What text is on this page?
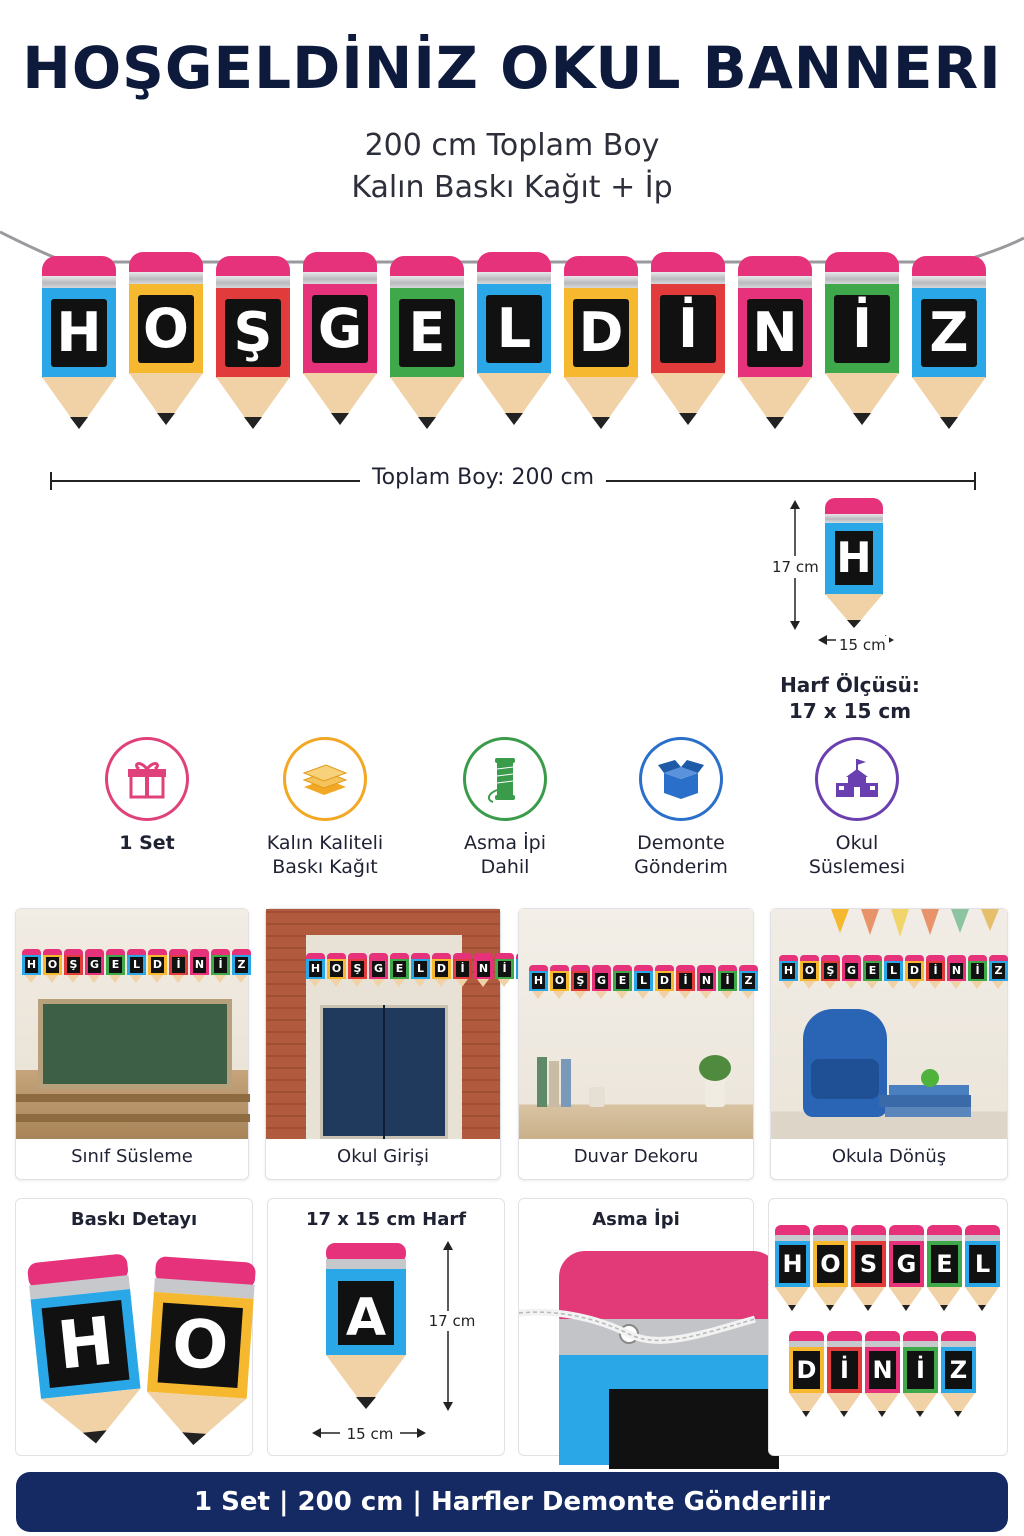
HOŞGELDİNİZ OKUL BANNERI
200 cm Toplam Boy
Kalın Baskı Kağıt + İp
H O Ş G E L D	İ	N	İ	Z
Toplam Boy: 200 cm
17 cm H
15 cm
Harf Ölçüsü:
17 x 15 cm
1 Set	Kalın Kaliteli
Baskı Kağıt
Asma İpi
Dahil
Demonte
Gönderim
Okul
Süslemesi
H O Ş G E L D	İ	N	İ	Z
Sınıf Süsleme
H O Ş G E L D	İ	N	İ
Okul Girişi
H O Ş G E L D	İ	N	İ	Z
Duvar Dekoru
H O Ş G E L D	İ	N	İ	Z
Okula Dönüş
Baskı Detayı
H O
17 x 15 cm Harf
A	17 cm
15 cm
Asma İpi
H O S G E L
D İ N İ	Z
1 Set | 200 cm | Harfler Demonte Gönderilir
